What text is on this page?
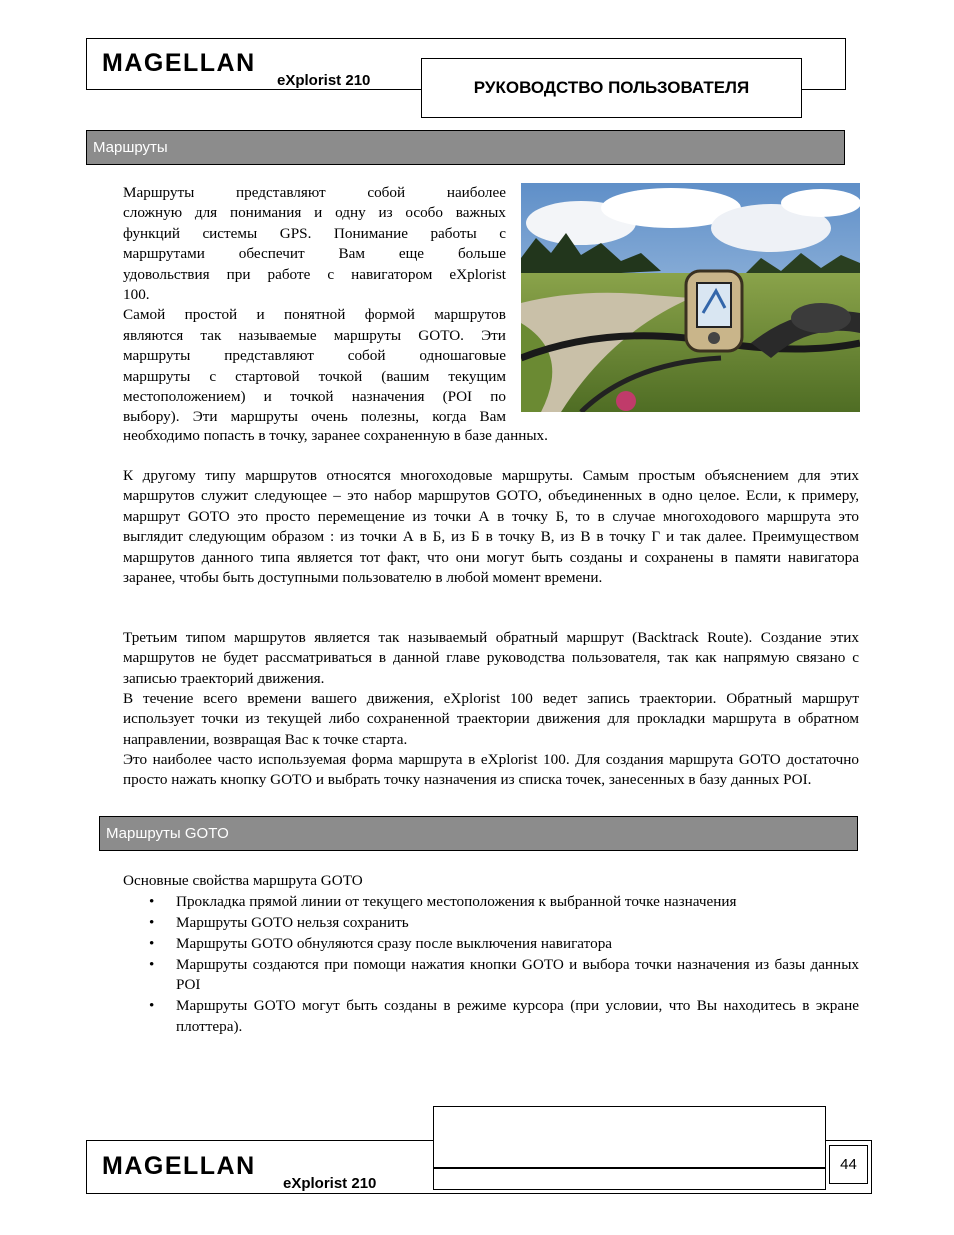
MAGELLAN
eXplorist 210	РУКОВОДСТВО ПОЛЬЗОВАТЕЛЯ
Маршруты
Маршруты	представляют	собой	наиболее
сложную для понимания и одну из особо важных
функций системы GPS. Понимание работы с
маршрутами обеспечит Вам еще больше
удовольствия при работе с навигатором eXplorist
100.
Самой простой и понятной формой маршрутов
являются так называемые маршруты GOTO. Эти
маршруты представляют собой одношаговые
маршруты с стартовой точкой (вашим текущим
местоположением) и точкой назначения (POI по
выбору). Эти маршруты очень полезны, когда Вам
необходимо попасть в точку, заранее сохраненную в базе данных.

К другому типу маршрутов относятся многоходовые маршруты. Самым простым объяснением для этих маршрутов служит следующее – это набор маршрутов GOTO, объединенных в одно целое. Если, к примеру, маршрут GOTO это просто перемещение из точки А в точку Б, то в случае многоходового маршрута это выглядит следующим образом : из точки А в Б, из Б в точку В, из В в точку Г и так далее. Преимуществом маршрутов данного типа является тот факт, что они могут быть созданы и сохранены в памяти навигатора заранее, чтобы быть доступными пользователю в любой момент времени.

Третьим типом маршрутов является так называемый обратный маршрут (Backtrack Route). Создание этих маршрутов не будет рассматриваться в данной главе руководства пользователя, так как напрямую связано с записью траекторий движения.

В течение всего времени вашего движения, eXplorist 100 ведет запись траектории. Обратный маршрут использует точки из текущей либо сохраненной траектории движения для прокладки маршрута в обратном направлении, возвращая Вас к точке старта.

Это наиболее часто используемая форма маршрута в eXplorist 100. Для создания маршрута GOTO достаточно просто нажать кнопку GOTO и выбрать точку назначения из списка точек, занесенных в базу данных POI.

Маршруты GOTO
Основные свойства маршрута GOTO
• Прокладка прямой линии от текущего местоположения к выбранной точке назначения
• Маршруты GOTO нельзя сохранить
• Маршруты GOTO обнуляются сразу после выключения навигатора
• Маршруты создаются при помощи нажатия кнопки GOTO и выбора точки назначения из базы данных POI
• Маршруты GOTO могут быть созданы в режиме курсора (при условии, что Вы находитесь в экране плоттера).
MAGELLAN
eXplorist 210
44
